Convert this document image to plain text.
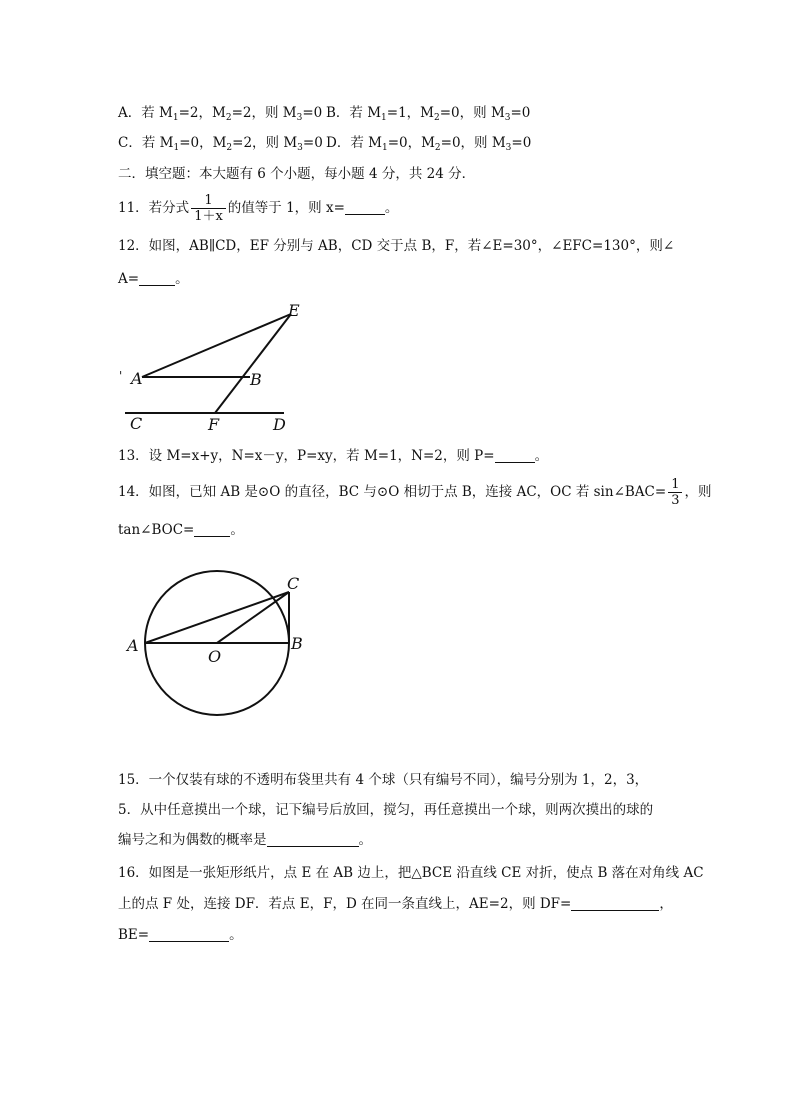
A．若 $M_1=2$，$M_2=2$，则 $M_3=0$ B．若 $M_1=1$，$M_2=0$，则 $M_3=0$
C．若 $M_1=0$，$M_2=2$，则 $M_3=0$ D．若 $M_1=0$，$M_2=0$，则 $M_3=0$
二．填空题：本大题有 6 个小题，每小题 4 分，共 24 分．
11．若分式 $\frac{1}{1+x}$ 的值等于 1，则 x=	。
12．如图，AB∥CD，EF 分别与 AB，CD 交于点 B，F，若∠E=30°，∠EFC=130°，则∠
A=	。
E
A	B
C	F	D
'
13．设 M=x+y，N=x－y，P=xy，若 M=1，N=2，则 P=	。
14．如图，已知 AB 是⊙O 的直径，BC 与⊙O 相切于点 B，连接 AC，OC 若 sin∠BAC= $\frac{1}{3}$ ，则
tan∠BOC=	。
A
O
B
C
15．一个仅装有球的不透明布袋里共有 4 个球（只有编号不同），编号分别为 1，2，3，
5．从中任意摸出一个球，记下编号后放回，搅匀，再任意摸出一个球，则两次摸出的球的
编号之和为偶数的概率是	。
16．如图是一张矩形纸片，点 E 在 AB 边上，把△BCE 沿直线 CE 对折，使点 B 落在对角线 AC
上的点 F 处，连接 DF．若点 E，F，D 在同一条直线上，AE=2，则 DF=	，
BE=	。
